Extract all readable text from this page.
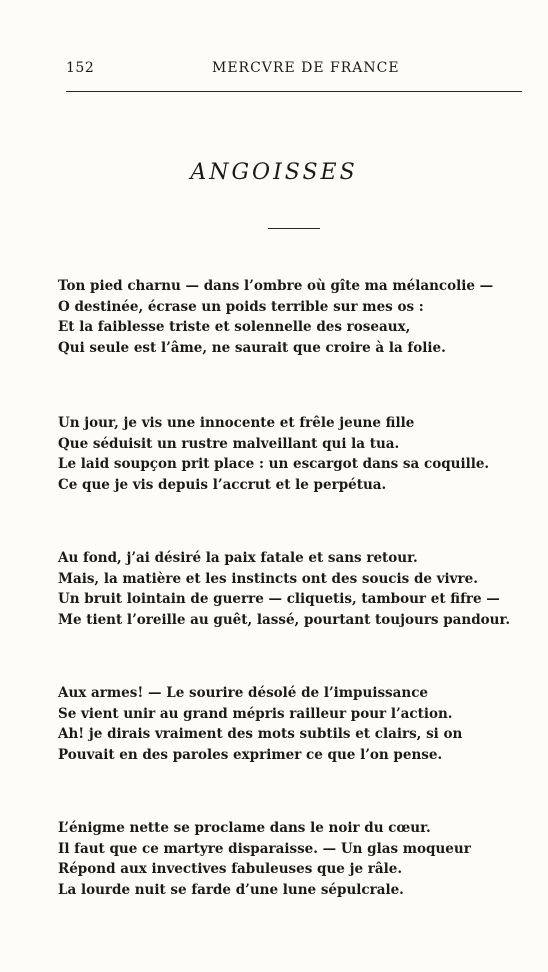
152	MERCVRE DE FRANCE
ANGOISSES
Ton pied charnu — dans l’ombre où gîte ma mélancolie —
O destinée, écrase un poids terrible sur mes os :
Et la faiblesse triste et solennelle des roseaux,
Qui seule est l’âme, ne saurait que croire à la folie.
Un jour, je vis une innocente et frêle jeune fille
Que séduisit un rustre malveillant qui la tua.
Le laid soupçon prit place : un escargot dans sa coquille.
Ce que je vis depuis l’accrut et le perpétua.
Au fond, j’ai désiré la paix fatale et sans retour.
Mais, la matière et les instincts ont des soucis de vivre.
Un bruit lointain de guerre — cliquetis, tambour et fifre —
Me tient l’oreille au guêt, lassé, pourtant toujours pandour.
Aux armes! — Le sourire désolé de l’impuissance
Se vient unir au grand mépris railleur pour l’action.
Ah! je dirais vraiment des mots subtils et clairs, si on
Pouvait en des paroles exprimer ce que l’on pense.
L’énigme nette se proclame dans le noir du cœur.
Il faut que ce martyre disparaisse. — Un glas moqueur
Répond aux invectives fabuleuses que je râle.
La lourde nuit se farde d’une lune sépulcrale.
